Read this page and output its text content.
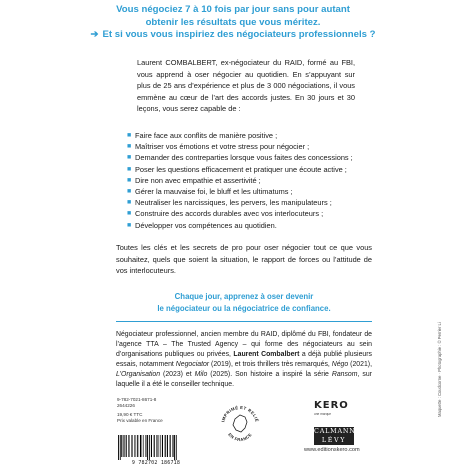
Vous négociez 7 à 10 fois par jour sans pour autant
obtenir les résultats que vous méritez.
➔ Et si vous vous inspiriez des négociateurs professionnels ?

Laurent COMBALBERT, ex-négociateur du RAID, formé au FBI, vous apprend à oser négocier au quotidien. En s’appuyant sur plus de 25 ans d’expérience et plus de 3 000 négociations, il vous emmène au cœur de l’art des accords justes. En 30 jours et 30 leçons, vous serez capable de :

■ Faire face aux conflits de manière positive ;
■ Maîtriser vos émotions et votre stress pour négocier ;
■ Demander des contreparties lorsque vous faites des concessions ;
■ Poser les questions efficacement et pratiquer une écoute active ;
■ Dire non avec empathie et assertivité ;
■ Gérer la mauvaise foi, le bluff et les ultimatums ;
■ Neutraliser les narcissiques, les pervers, les manipulateurs ;
■ Construire des accords durables avec vos interlocuteurs ;
■ Développer vos compétences au quotidien.

Toutes les clés et les secrets de pro pour oser négocier tout ce que vous souhaitez, quels que soient la situation, le rapport de forces ou l’attitude de vos interlocuteurs.

Chaque jour, apprenez à oser devenir
le négociateur ou la négociatrice de confiance.

Négociateur professionnel, ancien membre du RAID, diplômé du FBI, fondateur de l’agence TTA – The Trusted Agency – qui forme des négociateurs au sein d’organisations publiques ou privées, Laurent Combalbert a déjà publié plusieurs essais, notamment Negociator (2019), et trois thrillers très remarqués, Négo (2021), L’Organisation (2023) et Milo (2025). Son histoire a inspiré la série Ransom, sur laquelle il a été le conseiller technique.	Maquette : Coudcorne · Photographie : © Perrier Li
9-782-7021-8671-8
2644226
19,90 € TTC
Prix valable en France
9 782702 186718
IMPRIMÉ ET RELIÉ
EN FRANCE
KERO
une marque
CALMANN
LÉVY
www.editionskero.com
